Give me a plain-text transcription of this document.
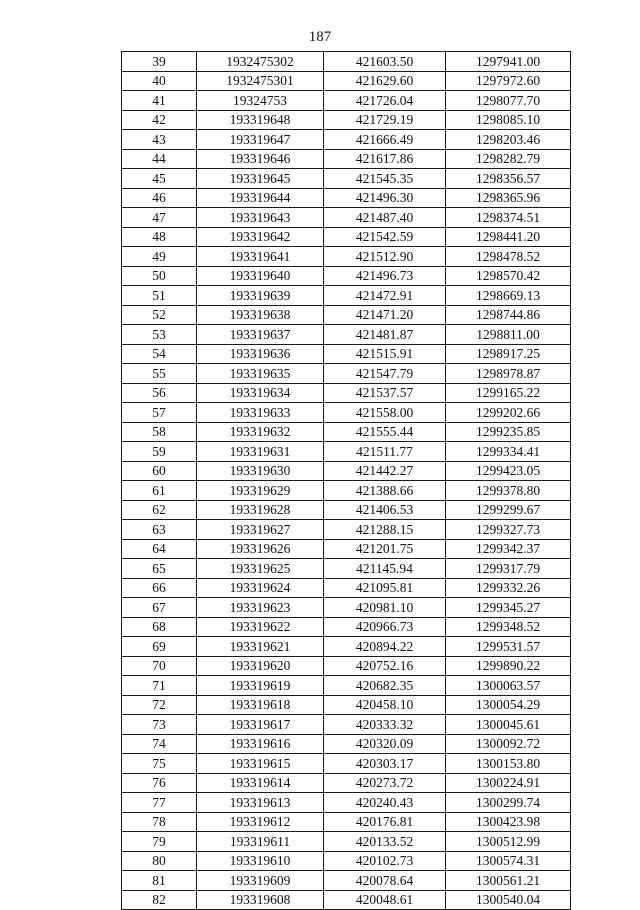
187
39	1932475302	421603.50	1297941.00
40	1932475301	421629.60	1297972.60
41	19324753	421726.04	1298077.70
42	193319648	421729.19	1298085.10
43	193319647	421666.49	1298203.46
44	193319646	421617.86	1298282.79
45	193319645	421545.35	1298356.57
46	193319644	421496.30	1298365.96
47	193319643	421487.40	1298374.51
48	193319642	421542.59	1298441.20
49	193319641	421512.90	1298478.52
50	193319640	421496.73	1298570.42
51	193319639	421472.91	1298669.13
52	193319638	421471.20	1298744.86
53	193319637	421481.87	1298811.00
54	193319636	421515.91	1298917.25
55	193319635	421547.79	1298978.87
56	193319634	421537.57	1299165.22
57	193319633	421558.00	1299202.66
58	193319632	421555.44	1299235.85
59	193319631	421511.77	1299334.41
60	193319630	421442.27	1299423.05
61	193319629	421388.66	1299378.80
62	193319628	421406.53	1299299.67
63	193319627	421288.15	1299327.73
64	193319626	421201.75	1299342.37
65	193319625	421145.94	1299317.79
66	193319624	421095.81	1299332.26
67	193319623	420981.10	1299345.27
68	193319622	420966.73	1299348.52
69	193319621	420894.22	1299531.57
70	193319620	420752.16	1299890.22
71	193319619	420682.35	1300063.57
72	193319618	420458.10	1300054.29
73	193319617	420333.32	1300045.61
74	193319616	420320.09	1300092.72
75	193319615	420303.17	1300153.80
76	193319614	420273.72	1300224.91
77	193319613	420240.43	1300299.74
78	193319612	420176.81	1300423.98
79	193319611	420133.52	1300512.99
80	193319610	420102.73	1300574.31
81	193319609	420078.64	1300561.21
82	193319608	420048.61	1300540.04
